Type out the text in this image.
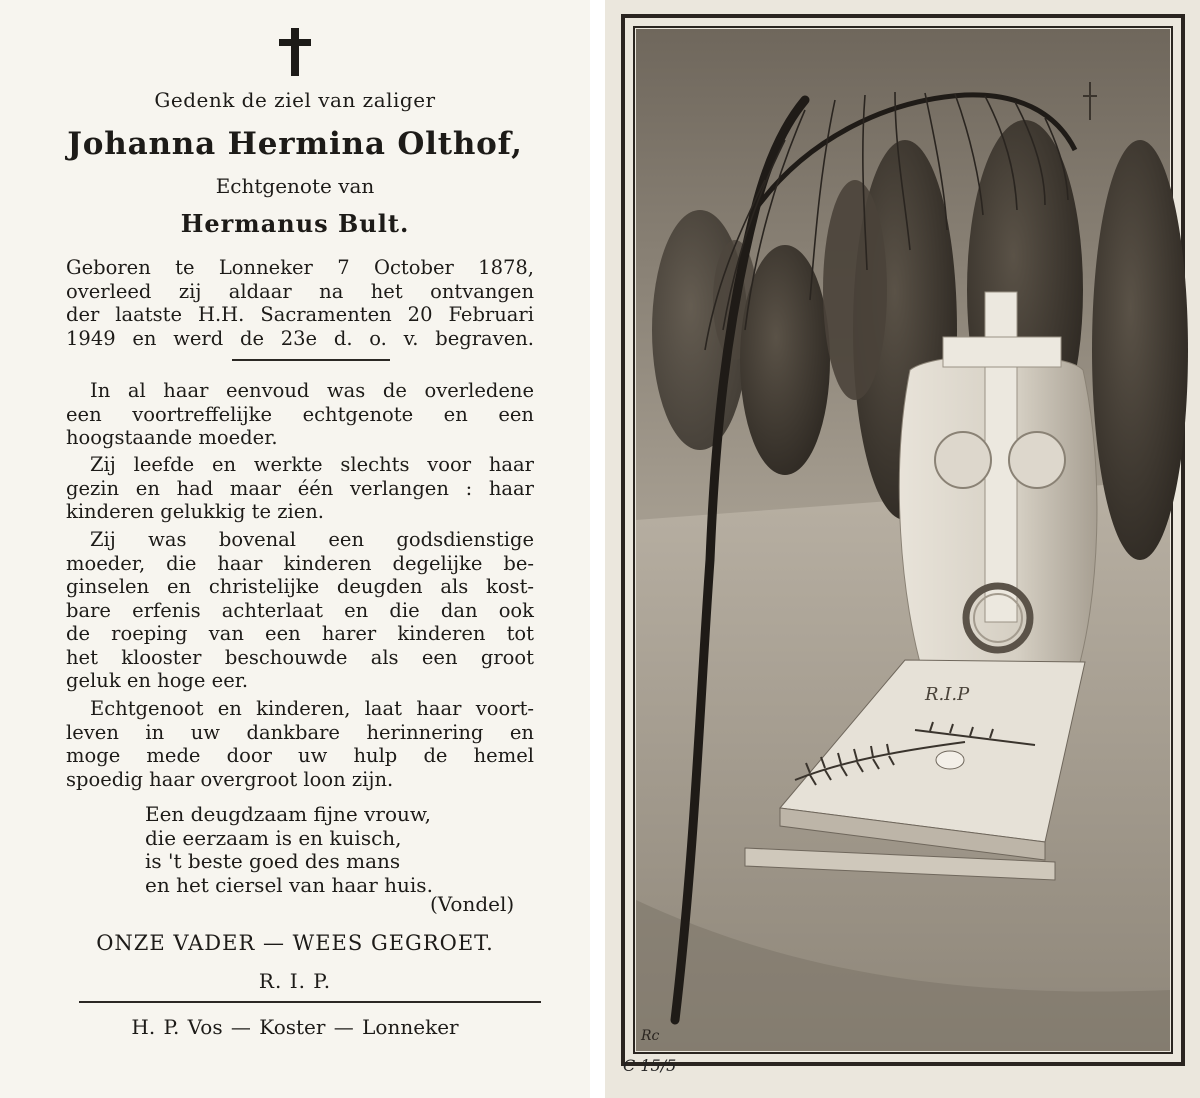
Gedenk de ziel van zaliger
Johanna Hermina Olthof,
Echtgenote van
Hermanus Bult.
Geboren te Lonneker 7 October 1878,
overleed zij aldaar na het ontvangen
der laatste H.H. Sacramenten 20 Februari
1949 en werd de 23e d. o. v. begraven.
In al haar eenvoud was de overledene
een voortreffelijke echtgenote en een
hoogstaande moeder.
Zij leefde en werkte slechts voor haar
gezin en had maar één verlangen : haar
kinderen gelukkig te zien.
Zij was bovenal een godsdienstige
moeder, die haar kinderen degelijke be-
ginselen en christelijke deugden als kost-
bare erfenis achterlaat en die dan ook
de roeping van een harer kinderen tot
het klooster beschouwde als een groot
geluk en hoge eer.
Echtgenoot en kinderen, laat haar voort-
leven in uw dankbare herinnering en
moge mede door uw hulp de hemel
spoedig haar overgroot loon zijn.
Een deugdzaam fijne vrouw,
die eerzaam is en kuisch,
is 't beste goed des mans
en het ciersel van haar huis.
(Vondel)
ONZE VADER — WEES GEGROET.
R. I. P.
H. P. Vos — Koster — Lonneker
R.I.P
Rc
C 15/5
